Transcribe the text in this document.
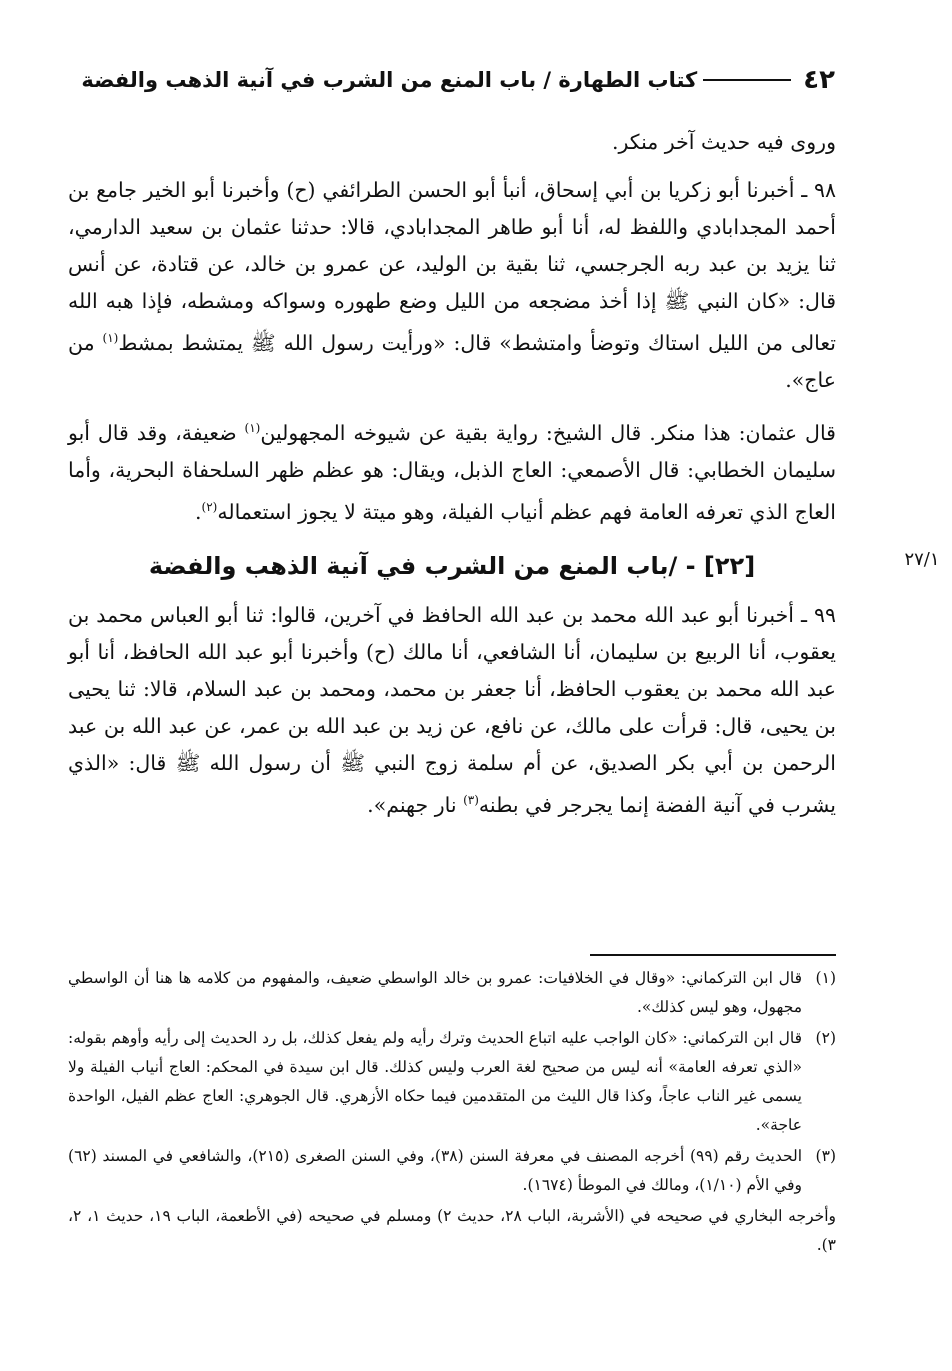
٤٢
كتاب الطهارة / باب المنع من الشرب في آنية الذهب والفضة

وروى فيه حديث آخر منكر.

٩٨ ـ أخبرنا أبو زكريا بن أبي إسحاق، أنبأ أبو الحسن الطرائفي (ح) وأخبرنا أبو الخير جامع بن أحمد المجدابادي واللفظ له، أنا أبو طاهر المجدابادي، قالا: حدثنا عثمان بن سعيد الدارمي، ثنا يزيد بن عبد ربه الجرجسي، ثنا بقية بن الوليد، عن عمرو بن خالد، عن قتادة، عن أنس قال: «كان النبي ﷺ إذا أخذ مضجعه من الليل وضع طهوره وسواكه ومشطه، فإذا هبه الله تعالى من الليل استاك وتوضأ وامتشط» قال: «ورأيت رسول الله ﷺ يمتشط بمشط$^{(١)}$ من عاج».

قال عثمان: هذا منكر. قال الشيخ: رواية بقية عن شيوخه المجهولين$^{(١)}$ ضعيفة، وقد قال أبو سليمان الخطابي: قال الأصمعي: العاج الذبل، ويقال: هو عظم ظهر السلحفاة البحرية، وأما العاج الذي تعرفه العامة فهم عظم أنياب الفيلة، وهو ميتة لا يجوز استعماله$^{(٢)}$.

٢٧/١
[٢٢] - /باب المنع من الشرب في آنية الذهب والفضة

٩٩ ـ أخبرنا أبو عبد الله محمد بن عبد الله الحافظ في آخرين، قالوا: ثنا أبو العباس محمد بن يعقوب، أنا الربيع بن سليمان، أنا الشافعي، أنا مالك (ح) وأخبرنا أبو عبد الله الحافظ، أنا أبو عبد الله محمد بن يعقوب الحافظ، أنا جعفر بن محمد، ومحمد بن عبد السلام، قالا: ثنا يحيى بن يحيى، قال: قرأت على مالك، عن نافع، عن زيد بن عبد الله بن عمر، عن عبد الله بن عبد الرحمن بن أبي بكر الصديق، عن أم سلمة زوج النبي ﷺ أن رسول الله ﷺ قال: «الذي يشرب في آنية الفضة إنما يجرجر في بطنه$^{(٣)}$ نار جهنم».

(١)
قال ابن التركماني: «وقال في الخلافيات: عمرو بن خالد الواسطي ضعيف، والمفهوم من كلامه ها هنا أن الواسطي مجهول، وهو ليس كذلك».

(٢)
قال ابن التركماني: «كان الواجب عليه اتباع الحديث وترك رأيه ولم يفعل كذلك، بل رد الحديث إلى رأيه وأوهم بقوله: «الذي تعرفه العامة» أنه ليس من صحيح لغة العرب وليس كذلك. قال ابن سيدة في المحكم: العاج أنياب الفيلة ولا يسمى غير الناب عاجاً، وكذا قال الليث من المتقدمين فيما حكاه الأزهري. قال الجوهري: العاج عظم الفيل، الواحدة عاجة».

(٣)
الحديث رقم (٩٩) أخرجه المصنف في معرفة السنن (٣٨)، وفي السنن الصغرى (٢١٥)، والشافعي في المسند (٦٢) وفي الأم (١/١٠)، ومالك في الموطأ (١٦٧٤).

وأخرجه البخاري في صحيحه في (الأشربة، الباب ٢٨، حديث ٢) ومسلم في صحيحه (في الأطعمة، الباب ١٩، حديث ١، ٢، ٣).
